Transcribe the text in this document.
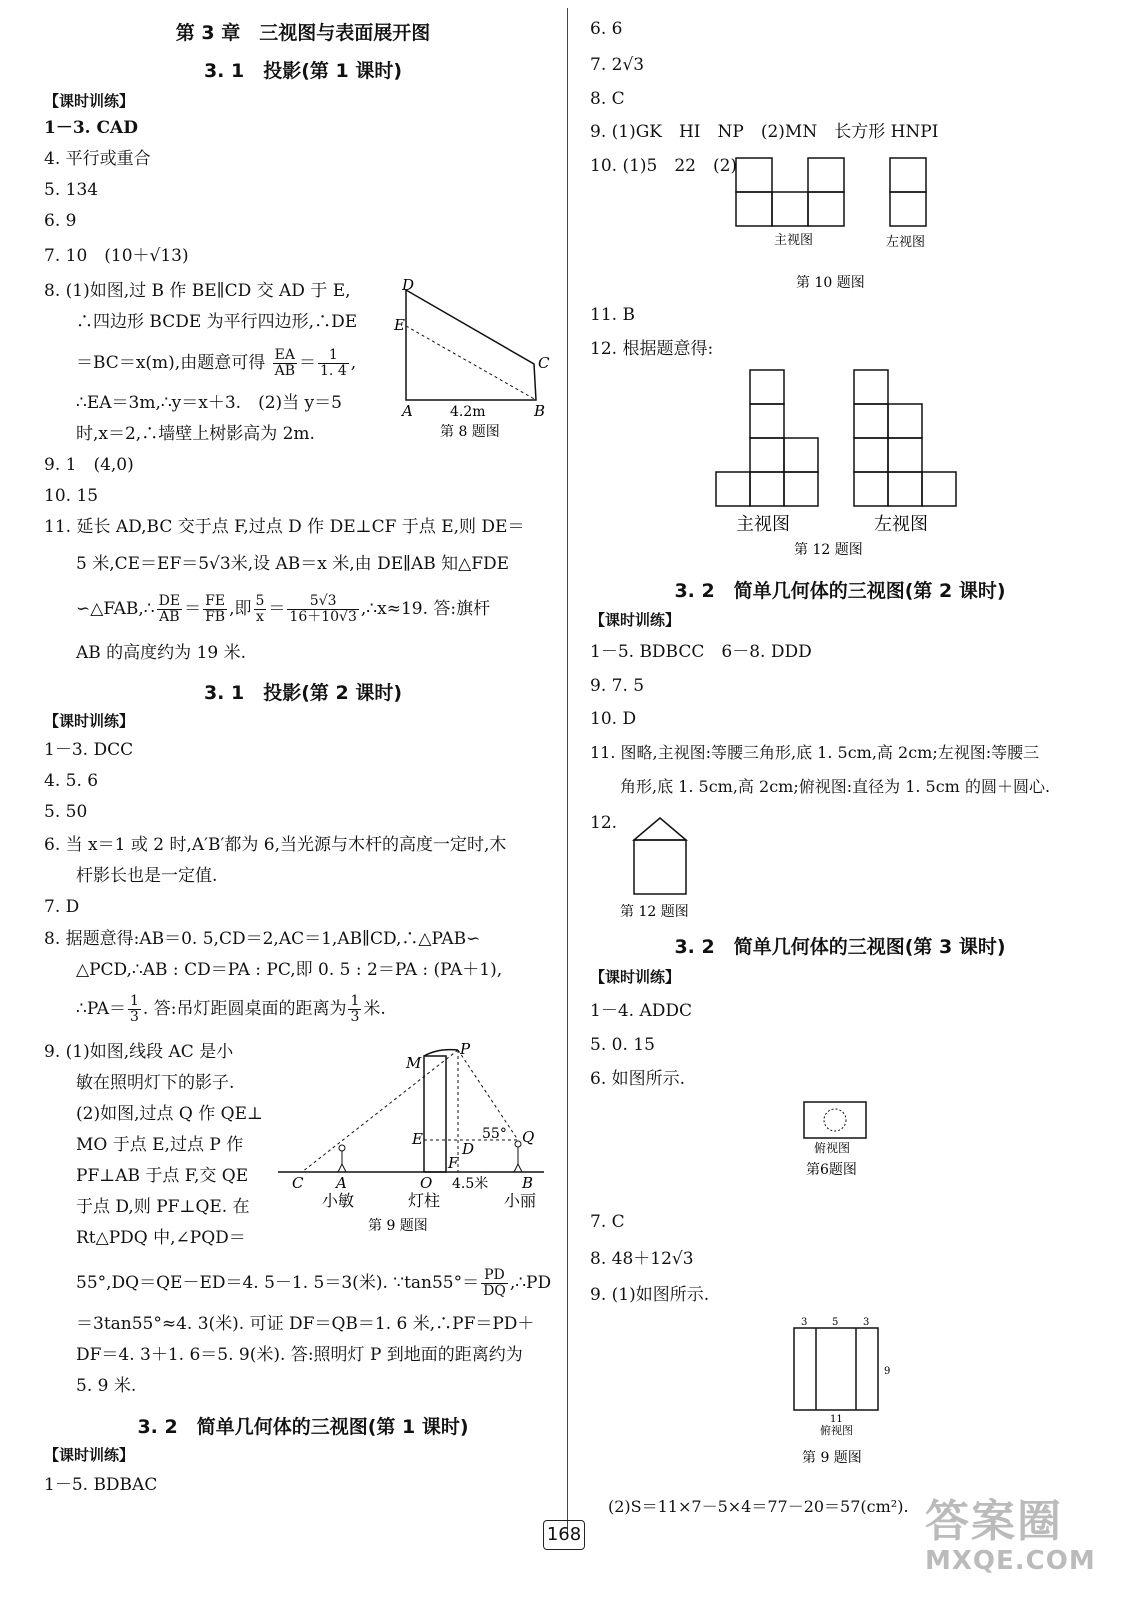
第 3 章　三视图与表面展开图
3. 1　投影(第 1 课时)
【课时训练】
1－3. CAD
4. 平行或重合
5. 134
6. 9
7. 10　(10＋√13)
8. (1)如图,过 B 作 BE∥CD 交 AD 于 E,
∴四边形 BCDE 为平行四边形,∴DE
＝BC＝x(m),由题意可得 $\frac{EA}{AB} = \frac{1}{1. 4}$ ,
∴EA＝3m,∴y＝x＋3.　(2)当 y＝5
时,x＝2,∴墙壁上树影高为 2m.
D
E
C
A	B
4.2m
第 8 题图
9. 1　(4,0)
10. 15
11. 延长 AD,BC 交于点 F,过点 D 作 DE⊥CF 于点 E,则 DE＝
5 米,CE＝EF＝5√3米,设 AB＝x 米,由 DE∥AB 知△FDE
∽△FAB,∴ $\frac{DE}{AB} = \frac{FE}{FB}$ ,即 $\frac{5}{x} = \frac{5√3}{16+10√3}$ ,∴x≈19. 答:旗杆
AB 的高度约为 19 米.
3. 1　投影(第 2 课时)
【课时训练】
1－3. DCC
4. 5. 6
5. 50
6. 当 x＝1 或 2 时,A′B′都为 6,当光源与木杆的高度一定时,木
杆影长也是一定值.
7. D
8. 据题意得:AB＝0. 5,CD＝2,AC＝1,AB∥CD,∴△PAB∽
△PCD,∴AB : CD＝PA : PC,即 0. 5 : 2＝PA : (PA＋1),
∴PA＝ $\frac{1}{3}$ . 答:吊灯距圆桌面的距离为 $\frac{1}{3}$ 米.
9. (1)如图,线段 AC 是小
敏在照明灯下的影子.
(2)如图,过点 Q 作 QE⊥
MO 于点 E,过点 P 作
PF⊥AB 于点 F,交 QE
于点 D,则 PF⊥QE. 在
Rt△PDQ 中,∠PQD＝
55°,DQ＝QE－ED＝4. 5－1. 5＝3(米). ∵tan55°＝ $\frac{PD}{DQ}$ ,∴PD
＝3tan55°≈4. 3(米). 可证 DF＝QB＝1. 6 米,∴PF＝PD＋
DF＝4. 3＋1. 6＝5. 9(米). 答:照明灯 P 到地面的距离约为
5. 9 米.
M
P
E
D
F
Q
55°
C A	O	B
4.5米
小敏	灯柱	小丽
第 9 题图
3. 2　简单几何体的三视图(第 1 课时)
【课时训练】
1－5. BDBAC
6. 6
7. 2√3
8. C
9. (1)GK　HI　NP　(2)MN　长方形 HNPI
10. (1)5　22　(2)
主视图	左视图
第 10 题图
11. B
12. 根据题意得:
主视图	左视图
第 12 题图
3. 2　简单几何体的三视图(第 2 课时)
【课时训练】
1－5. BDBCC　6－8. DDD
9. 7. 5
10. D
11. 图略,主视图:等腰三角形,底 1. 5cm,高 2cm;左视图:等腰三
角形,底 1. 5cm,高 2cm;俯视图:直径为 1. 5cm 的圆＋圆心.
12.
第 12 题图
3. 2　简单几何体的三视图(第 3 课时)
【课时训练】
1－4. ADDC
5. 0. 15
6. 如图所示.
俯视图
第6题图
7. C
8. 48＋12√3
9. (1)如图所示.
3 5 3
9
11
俯视图
第 9 题图
(2)S＝11×7－5×4＝77－20＝57(cm²).
168	答案圈
MXQE.COM
